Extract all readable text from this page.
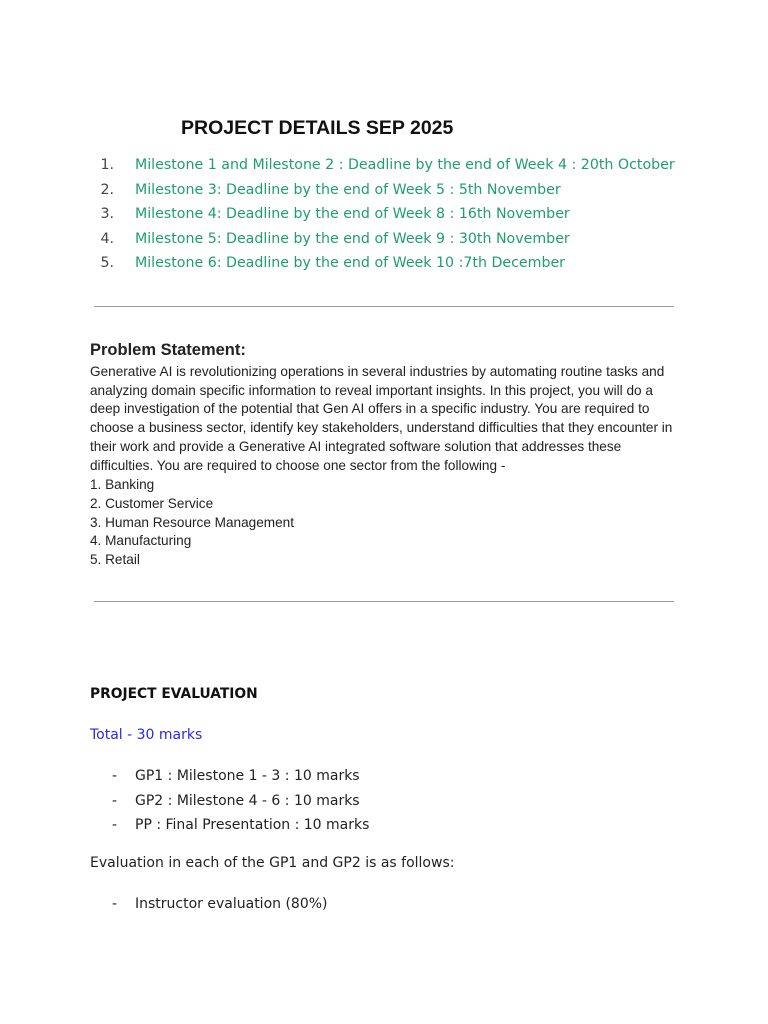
PROJECT DETAILS SEP 2025
1. Milestone 1 and Milestone 2 : Deadline by the end of Week 4 : 20th October
2. Milestone 3: Deadline by the end of Week 5 : 5th November
3. Milestone 4: Deadline by the end of Week 8 : 16th November
4. Milestone 5: Deadline by the end of Week 9 : 30th November
5. Milestone 6: Deadline by the end of Week 10 :7th December
Problem Statement:

Generative AI is revolutionizing operations in several industries by automating routine tasks and analyzing domain specific information to reveal important insights. In this project, you will do a deep investigation of the potential that Gen AI offers in a specific industry. You are required to choose a business sector, identify key stakeholders, understand difficulties that they encounter in their work and provide a Generative AI integrated software solution that addresses these difficulties. You are required to choose one sector from the following -

1. Banking
2. Customer Service
3. Human Resource Management
4. Manufacturing
5. Retail
PROJECT EVALUATION
Total - 30 marks
- GP1 : Milestone 1 - 3 : 10 marks
- GP2 : Milestone 4 - 6 : 10 marks
- PP : Final Presentation : 10 marks
Evaluation in each of the GP1 and GP2 is as follows:
- Instructor evaluation (80%)
